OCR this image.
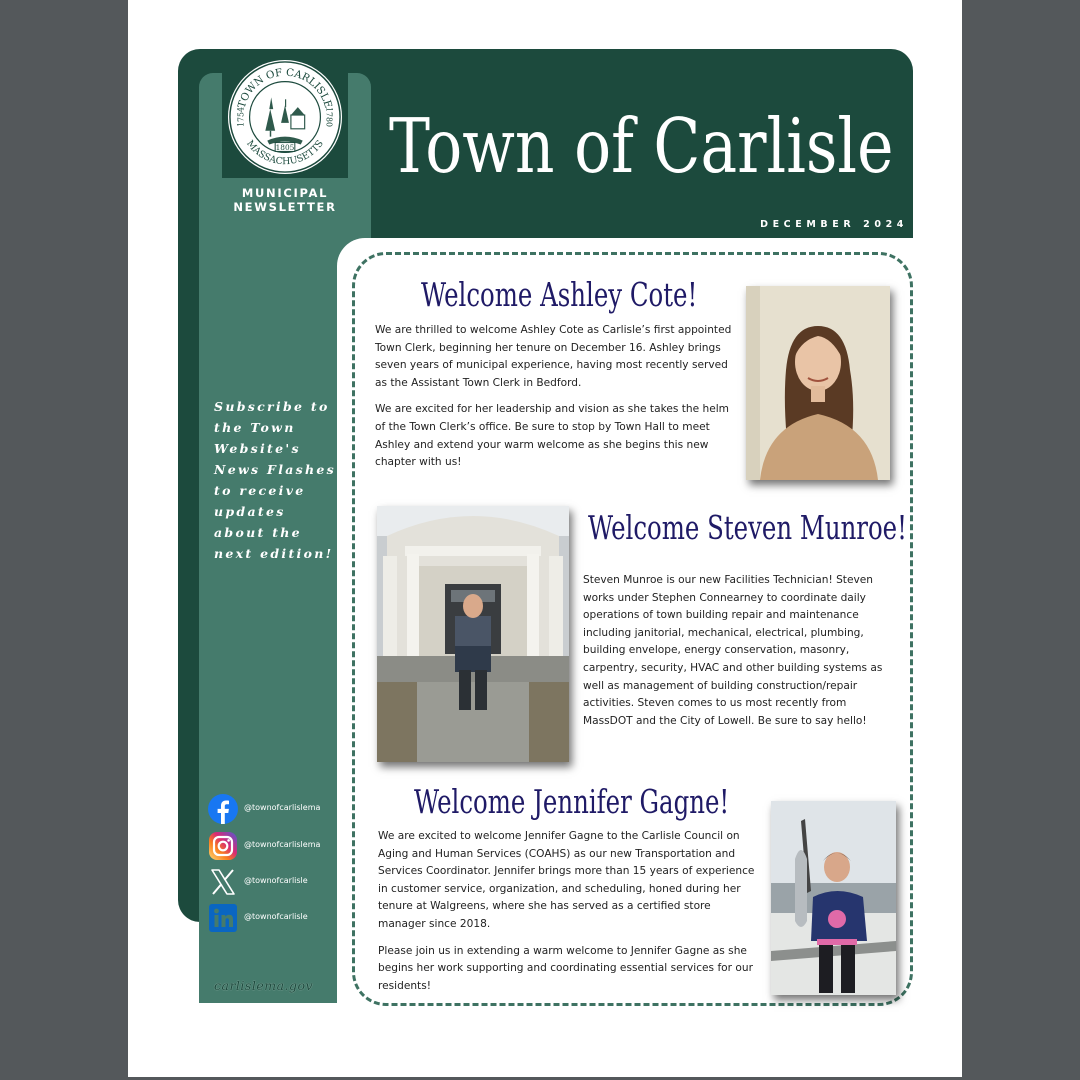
TOWN OF CARLISLE
MASSACHUSETTS
1754	1780
1805
MUNICIPAL NEWSLETTER
Town of Carlisle
DECEMBER 2024
Subscribe to
the Town
Website's
News Flashes
to receive
updates
about the
next edition!
@townofcarlislema
@townofcarlislema
@townofcarlisle
@townofcarlisle
carlislema.gov
Welcome Ashley Cote!

We are thrilled to welcome Ashley Cote as Carlisle’s first appointed Town Clerk, beginning her tenure on December 16. Ashley brings seven years of municipal experience, having most recently served as the Assistant Town Clerk in Bedford.

We are excited for her leadership and vision as she takes the helm of the Town Clerk’s office. Be sure to stop by Town Hall to meet Ashley and extend your warm welcome as she begins this new chapter with us!

Welcome Steven Munroe!

Steven Munroe is our new Facilities Technician! Steven works under Stephen Connearney to coordinate daily operations of town building repair and maintenance including janitorial, mechanical, electrical, plumbing, building envelope, energy conservation, masonry, carpentry, security, HVAC and other building systems as well as management of building construction/repair activities. Steven comes to us most recently from MassDOT and the City of Lowell. Be sure to say hello!

Welcome Jennifer Gagne!

We are excited to welcome Jennifer Gagne to the Carlisle Council on Aging and Human Services (COAHS) as our new Transportation and Services Coordinator. Jennifer brings more than 15 years of experience in customer service, organization, and scheduling, honed during her tenure at Walgreens, where she has served as a certified store manager since 2018.

Please join us in extending a warm welcome to Jennifer Gagne as she begins her work supporting and coordinating essential services for our residents!
